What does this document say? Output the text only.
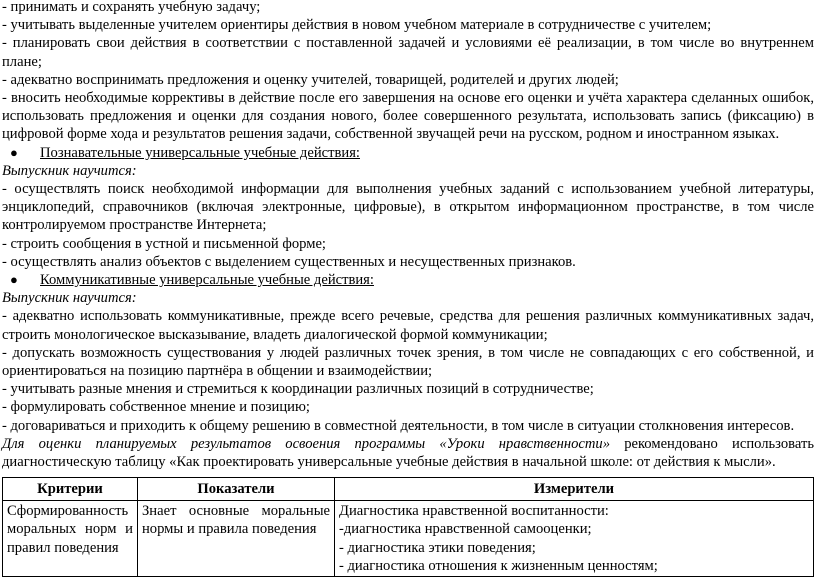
- принимать и сохранять учебную задачу;

- учитывать выделенные учителем ориентиры действия в новом учебном материале в сотрудничестве с учителем;

- планировать свои действия в соответствии с поставленной задачей и условиями её реализации, в том числе во внутреннем плане;

- адекватно воспринимать предложения и оценку учителей, товарищей, родителей и других людей;

- вносить необходимые коррективы в действие после его завершения на основе его оценки и учёта характера сделанных ошибок, использовать предложения и оценки для создания нового, более совершенного результата, использовать запись (фиксацию) в цифровой форме хода и результатов решения задачи, собственной звучащей речи на русском, родном и иностранном языках.

●	Познавательные универсальные учебные действия:

Выпускник научится:

- осуществлять поиск необходимой информации для выполнения учебных заданий с использованием учебной литературы, энциклопедий, справочников (включая электронные, цифровые), в открытом информационном пространстве, в том числе контролируемом пространстве Интернета;

- строить сообщения в устной и письменной форме;

- осуществлять анализ объектов с выделением существенных и несущественных признаков.

●	Коммуникативные универсальные учебные действия:

Выпускник научится:

- адекватно использовать коммуникативные, прежде всего речевые, средства для решения различных коммуникативных задач, строить монологическое высказывание, владеть диалогической формой коммуникации;

- допускать возможность существования у людей различных точек зрения, в том числе не совпадающих с его собственной, и ориентироваться на позицию партнёра в общении и взаимодействии;

- учитывать разные мнения и стремиться к координации различных позиций в сотрудничестве;

- формулировать собственное мнение и позицию;

- договариваться и приходить к общему решению в совместной деятельности, в том числе в ситуации столкновения интересов.

Для оценки планируемых результатов освоения программы «Уроки нравственности» рекомендовано использовать диагностическую таблицу «Как проектировать универсальные учебные действия в начальной школе: от действия к мысли».

Критерии	Показатели	Измерители
Сформированность моральных норм и правил поведения	Знает основные моральные нормы и правила поведения	Диагностика нравственной воспитанности:
-диагностика нравственной самооценки;
- диагностика этики поведения;
- диагностика отношения к жизненным ценностям;
